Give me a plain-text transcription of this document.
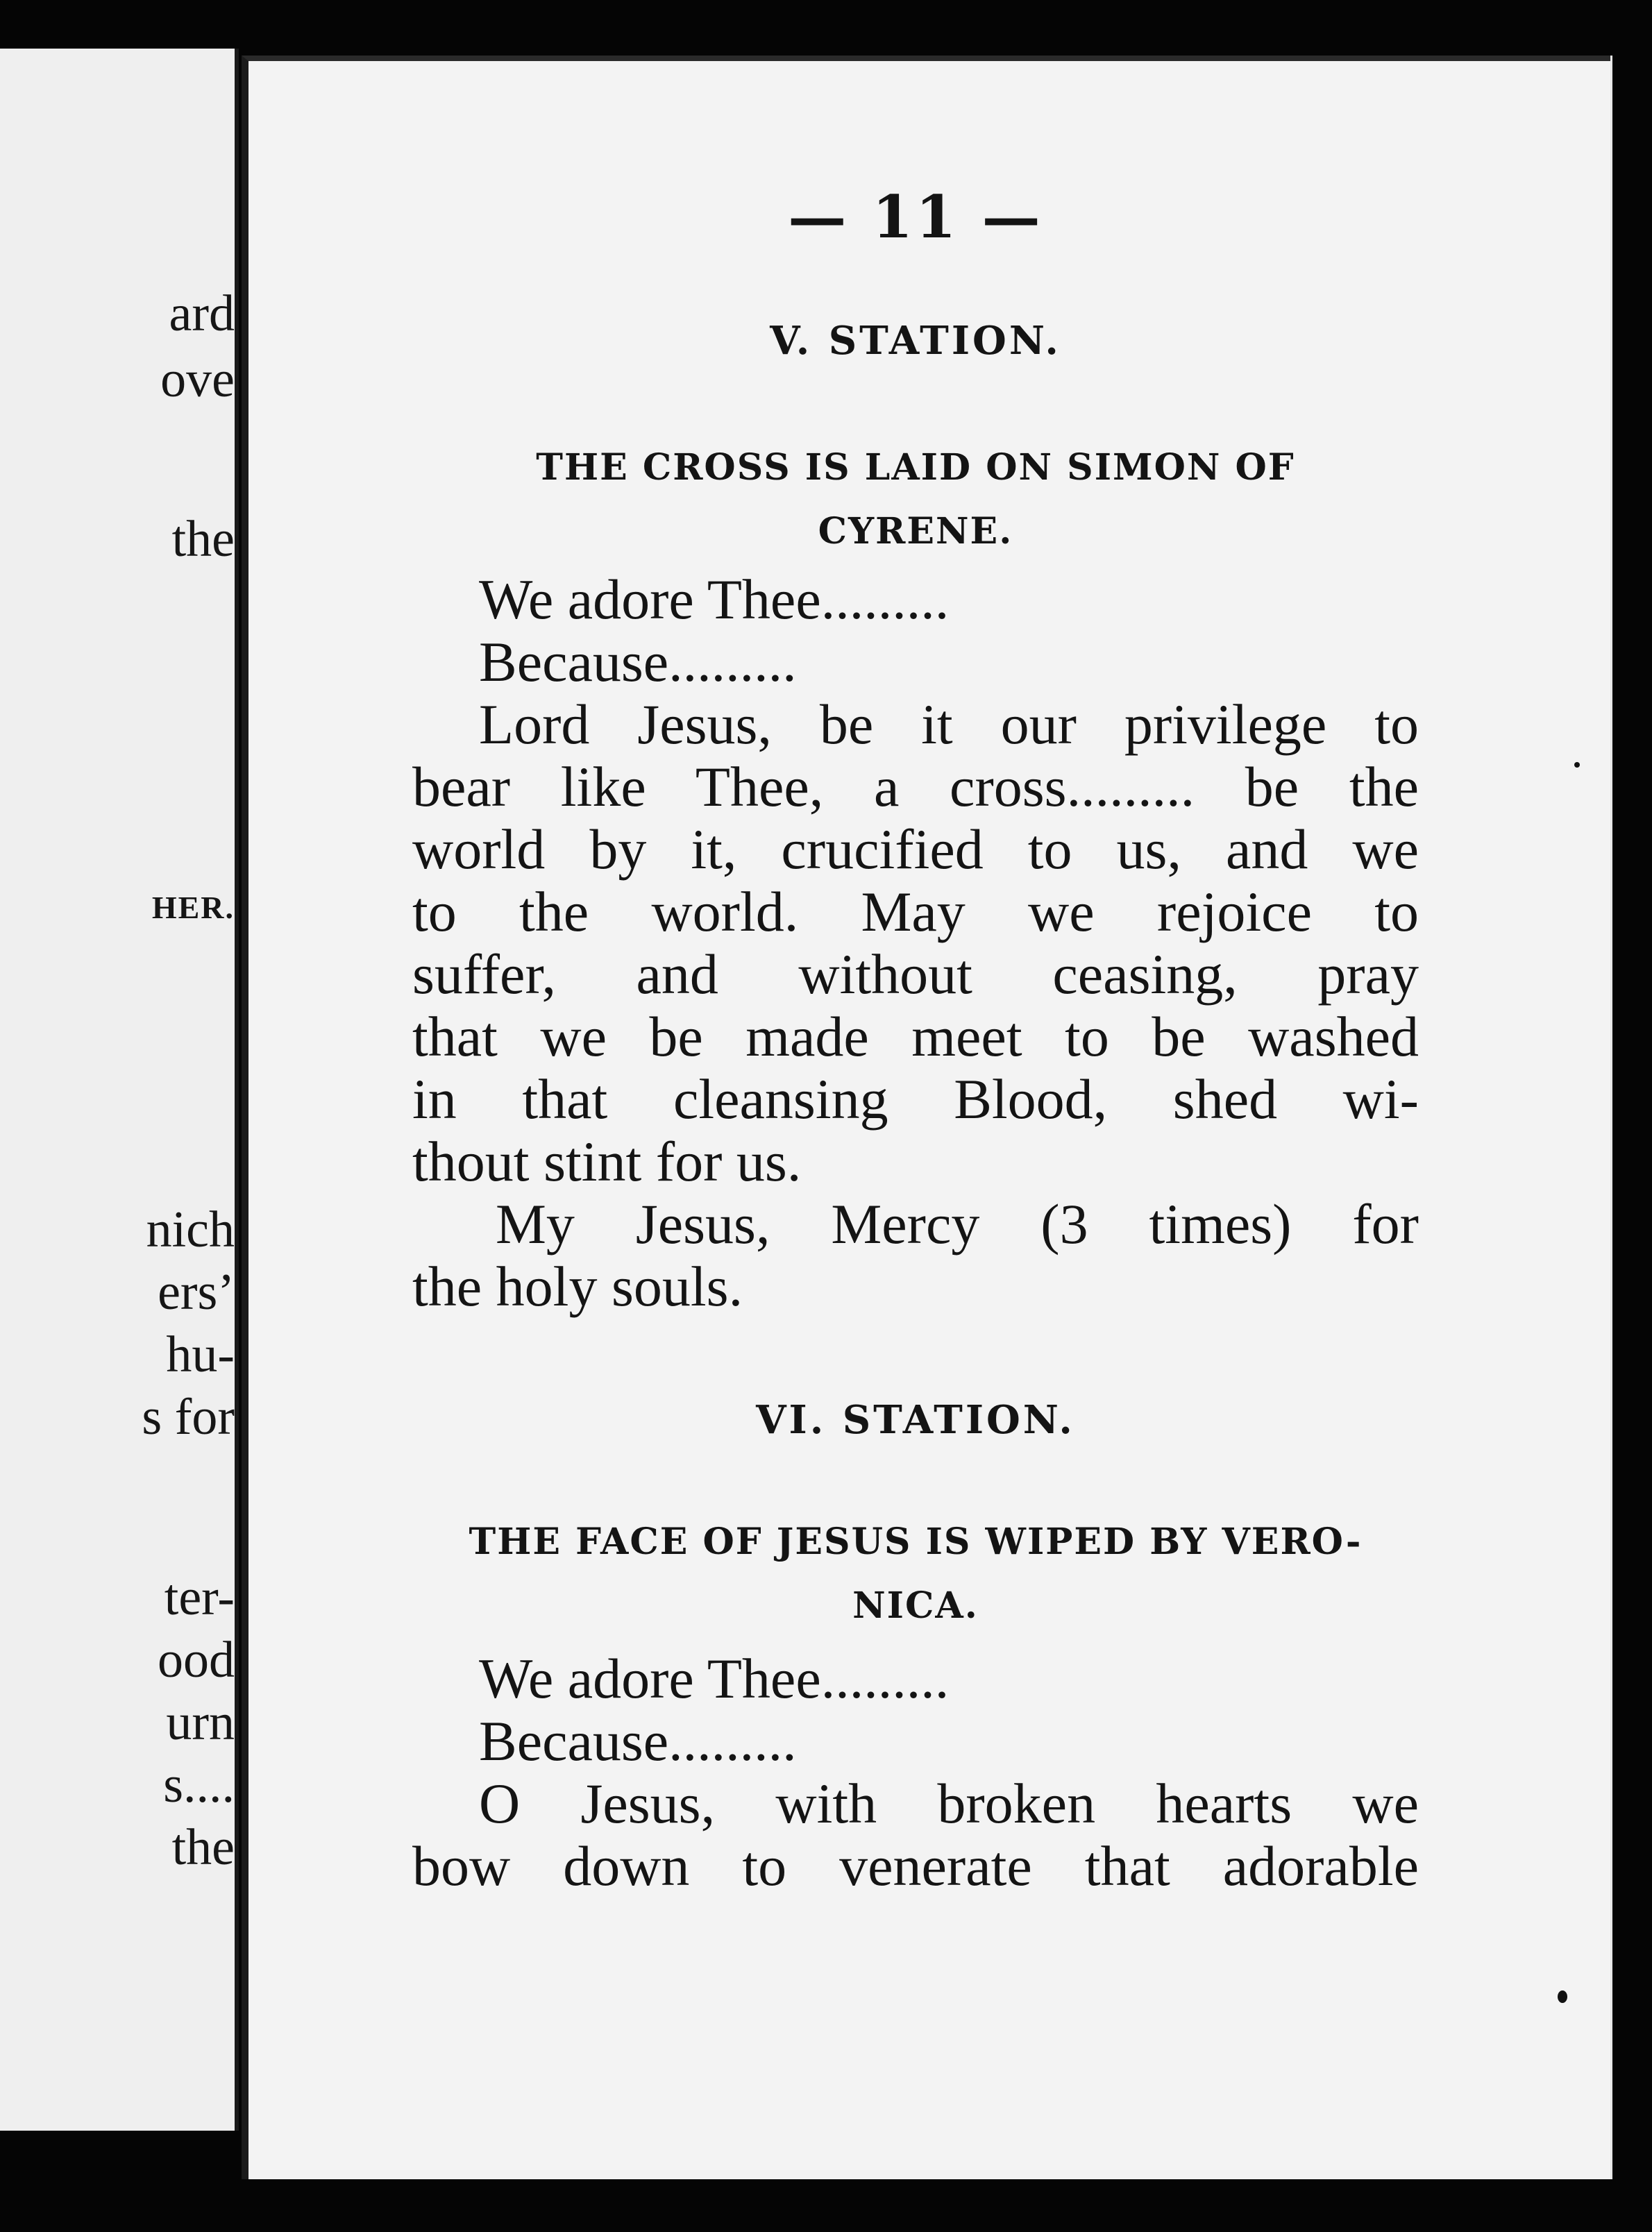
ard
ove
the
HER.
nich
ers’
hu-
s for
ter-
ood
urn
s....
the
— 11 —
V. STATION.
THE CROSS IS LAID ON SIMON OF
CYRENE.
We adore Thee.........
Because.........
Lord Jesus, be it our privilege to
bear like Thee, a cross......... be the
world by it, crucified to us, and we
to the world. May we rejoice to
suffer, and without ceasing, pray
that we be made meet to be washed
in that cleansing Blood, shed wi-
thout stint for us.
My Jesus, Mercy (3 times) for
the holy souls.
VI. STATION.
THE FACE OF JESUS IS WIPED BY VERO-
NICA.
We adore Thee.........
Because.........
O Jesus, with broken hearts we
bow down to venerate that adorable
